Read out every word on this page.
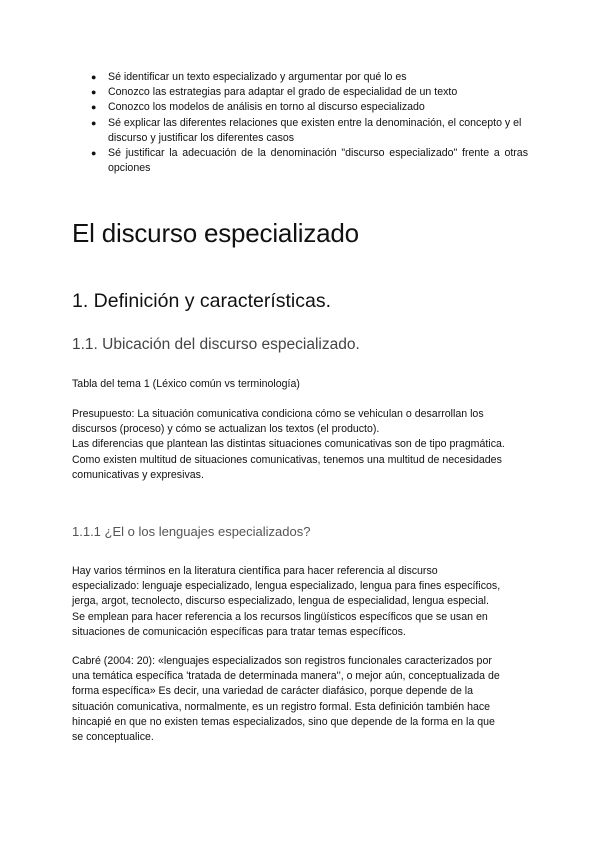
● Sé identificar un texto especializado y argumentar por qué lo es
● Conozco las estrategias para adaptar el grado de especialidad de un texto
● Conozco los modelos de análisis en torno al discurso especializado
● Sé explicar las diferentes relaciones que existen entre la denominación, el concepto y el discurso y justificar los diferentes casos
● Sé justificar la adecuación de la denominación "discurso especializado" frente a otras opciones
El discurso especializado
1. Definición y características.
1.1. Ubicación del discurso especializado.

Tabla del tema 1 (Léxico común vs terminología)

Presupuesto: La situación comunicativa condiciona cómo se vehiculan o desarrollan los
discursos (proceso) y cómo se actualizan los textos (el producto).
Las diferencias que plantean las distintas situaciones comunicativas son de tipo pragmática.
Como existen multitud de situaciones comunicativas, tenemos una multitud de necesidades
comunicativas y expresivas.

1.1.1 ¿El o los lenguajes especializados?

Hay varios términos en la literatura científica para hacer referencia al discurso
especializado: lenguaje especializado, lengua especializado, lengua para fines específicos,
jerga, argot, tecnolecto, discurso especializado, lengua de especialidad, lengua especial.
Se emplean para hacer referencia a los recursos lingüísticos específicos que se usan en
situaciones de comunicación específicas para tratar temas específicos.

Cabré (2004: 20): «lenguajes especializados son registros funcionales caracterizados por
una temática específica 'tratada de determinada manera'', o mejor aún, conceptualizada de
forma específica» Es decir, una variedad de carácter diafásico, porque depende de la
situación comunicativa, normalmente, es un registro formal. Esta definición también hace
hincapié en que no existen temas especializados, sino que depende de la forma en la que
se conceptualice.
